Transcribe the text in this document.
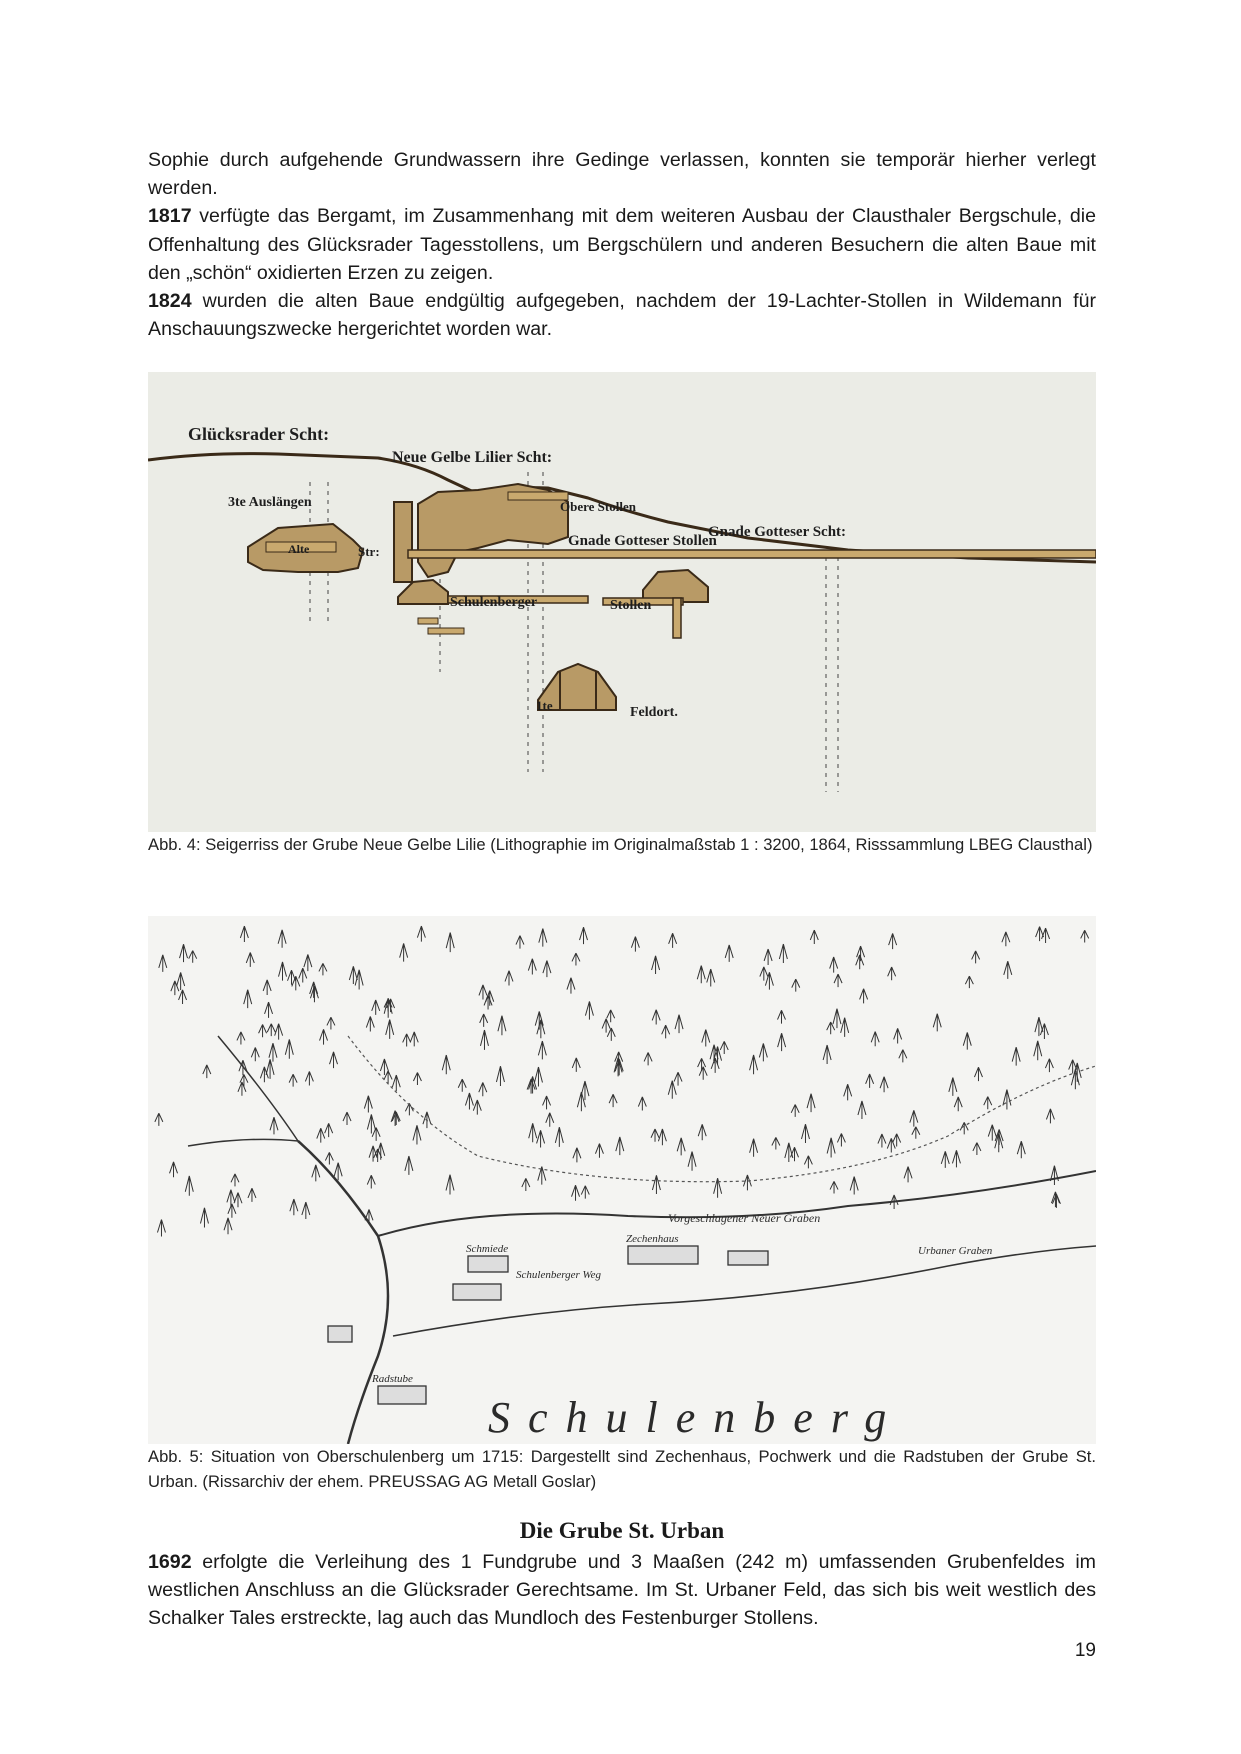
Sophie durch aufgehende Grundwassern ihre Gedinge verlassen, konnten sie temporär hierher verlegt werden.

1817 verfügte das Bergamt, im Zusammenhang mit dem weiteren Ausbau der Clausthaler Bergschule, die Offenhaltung des Glücksrader Tagesstollens, um Bergschülern und anderen Besuchern die alten Baue mit den „schön“ oxidierten Erzen zu zeigen.

1824 wurden die alten Baue endgültig aufgegeben, nachdem der 19-Lachter-Stollen in Wildemann für Anschauungszwecke hergerichtet worden war.

Glücksrader Scht:
Neue Gelbe Lilier Scht:
3te Auslängen
Alte	Str:
Obere Stollen
Gnade Gotteser Scht:
Gnade Gotteser Stollen
Schulenberger	Stollen
1te	Feldort.
Abb. 4: Seigerriss der Grube Neue Gelbe Lilie (Lithographie im Originalmaßstab 1 : 3200, 1864, Risssammlung LBEG Clausthal)
Schulenberg
Vorgeschlagener Neuer Graben
Schulenberger Weg
Urbaner Graben
Schmiede
Zechenhaus
Radstube
Abb. 5: Situation von Oberschulenberg um 1715: Dargestellt sind Zechenhaus, Pochwerk und die Radstuben der Grube St. Urban. (Rissarchiv der ehem. PREUSSAG AG Metall Goslar)
Die Grube St. Urban

1692 erfolgte die Verleihung des 1 Fundgrube und 3 Maaßen (242 m) umfassenden Grubenfeldes im westlichen Anschluss an die Glücksrader Gerechtsame. Im St. Urbaner Feld, das sich bis weit westlich des Schalker Tales erstreckte, lag auch das Mundloch des Festenburger Stollens.

19
